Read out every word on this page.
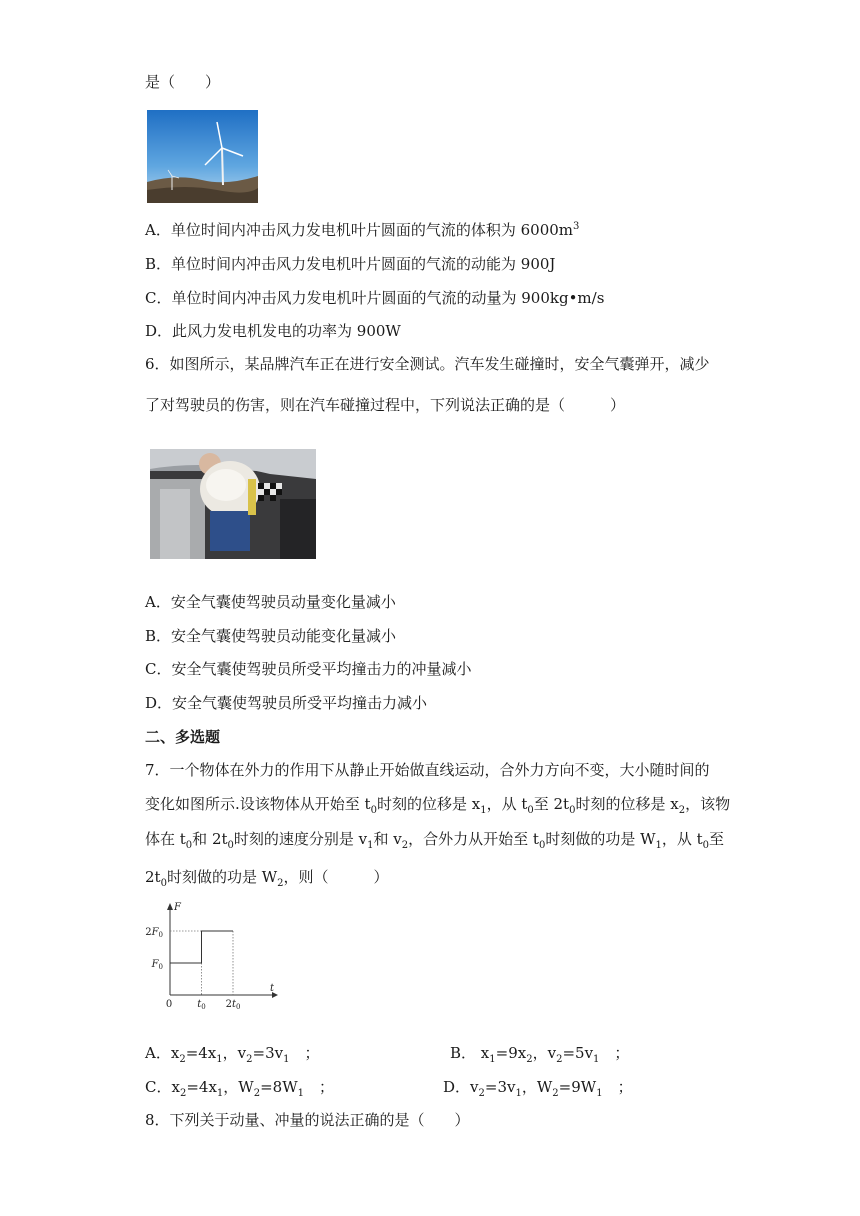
是（　　）
A．单位时间内冲击风力发电机叶片圆面的气流的体积为 $6000m^3$
B．单位时间内冲击风力发电机叶片圆面的气流的动能为 900J
C．单位时间内冲击风力发电机叶片圆面的气流的动量为 900kg•m/s
D．此风力发电机发电的功率为 900W
6．如图所示，某品牌汽车正在进行安全测试。汽车发生碰撞时，安全气囊弹开，减少
了对驾驶员的伤害，则在汽车碰撞过程中，下列说法正确的是（　　　）
A．安全气囊使驾驶员动量变化量减小
B．安全气囊使驾驶员动能变化量减小
C．安全气囊使驾驶员所受平均撞击力的冲量减小
D．安全气囊使驾驶员所受平均撞击力减小
二、多选题
7．一个物体在外力的作用下从静止开始做直线运动，合外力方向不变，大小随时间的
变化如图所示.设该物体从开始至 $t_0$时刻的位移是 $x_1$，从 $t_0$至 $2t_0$时刻的位移是 $x_2$，该物
体在 $t_0$和 $2t_0$时刻的速度分别是 $v_1$和 $v_2$，合外力从开始至 $t_0$时刻做的功是 $W_1$，从 $t_0$至
$2t_0$时刻做的功是 $W_2$，则（　　　）
$2F_0$
$F_0$
F
0	$t_0$ $2t_0$
t
A．$x_2=4x_1$，$v_2=3v_1$　；	B． $x_1=9x_2$，$v_2=5v_1$　；
C．$x_2=4x_1$，$W_2=8W_1$　；	D．$v_2=3v_1$，$W_2=9W_1$　；
8．下列关于动量、冲量的说法正确的是（　　）
